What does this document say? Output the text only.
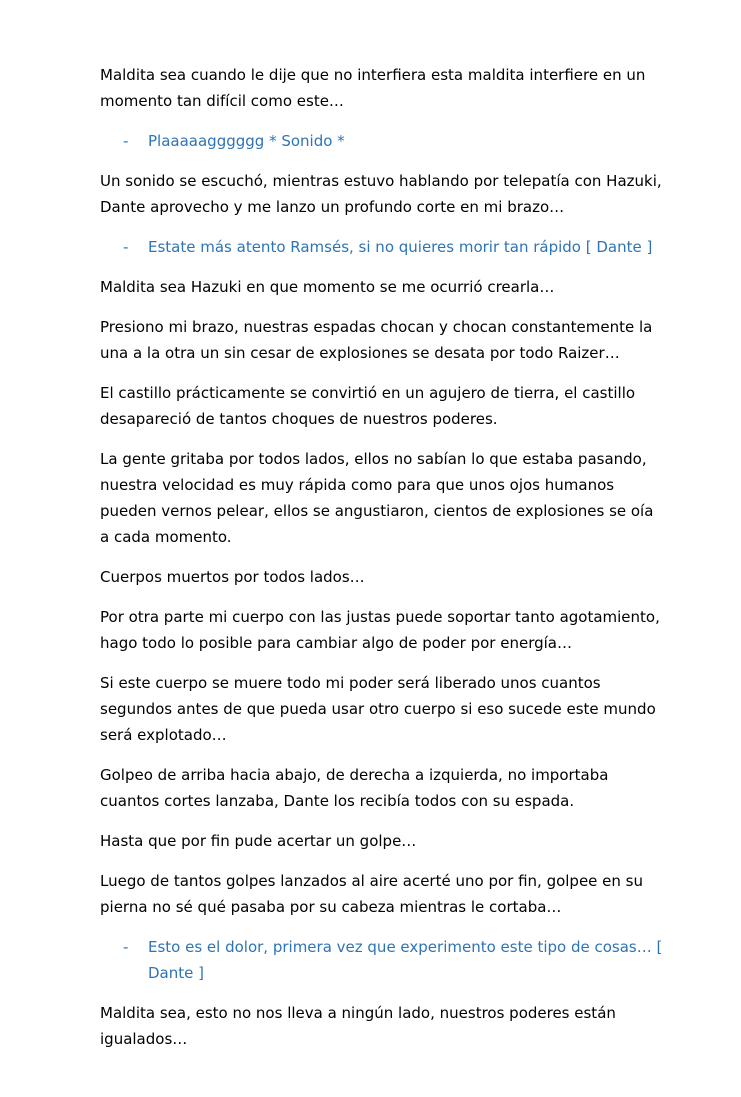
Maldita sea cuando le dije que no interfiera esta maldita interfiere en un momento tan difícil como este…

- Plaaaaagggggg * Sonido *

Un sonido se escuchó, mientras estuvo hablando por telepatía con Hazuki, Dante aprovecho y me lanzo un profundo corte en mi brazo…

- Estate más atento Ramsés, si no quieres morir tan rápido [ Dante ]

Maldita sea Hazuki en que momento se me ocurrió crearla…

Presiono mi brazo, nuestras espadas chocan y chocan constantemente la una a la otra un sin cesar de explosiones se desata por todo Raizer…

El castillo prácticamente se convirtió en un agujero de tierra, el castillo desapareció de tantos choques de nuestros poderes.

La gente gritaba por todos lados, ellos no sabían lo que estaba pasando, nuestra velocidad es muy rápida como para que unos ojos humanos pueden vernos pelear, ellos se angustiaron, cientos de explosiones se oía a cada momento.

Cuerpos muertos por todos lados…

Por otra parte mi cuerpo con las justas puede soportar tanto agotamiento, hago todo lo posible para cambiar algo de poder por energía…

Si este cuerpo se muere todo mi poder será liberado unos cuantos segundos antes de que pueda usar otro cuerpo si eso sucede este mundo será explotado…

Golpeo de arriba hacia abajo, de derecha a izquierda, no importaba cuantos cortes lanzaba, Dante los recibía todos con su espada.

Hasta que por fin pude acertar un golpe…

Luego de tantos golpes lanzados al aire acerté uno por fin, golpee en su pierna no sé qué pasaba por su cabeza mientras le cortaba…

- Esto es el dolor, primera vez que experimento este tipo de cosas… [ Dante ]

Maldita sea, esto no nos lleva a ningún lado, nuestros poderes están igualados…
